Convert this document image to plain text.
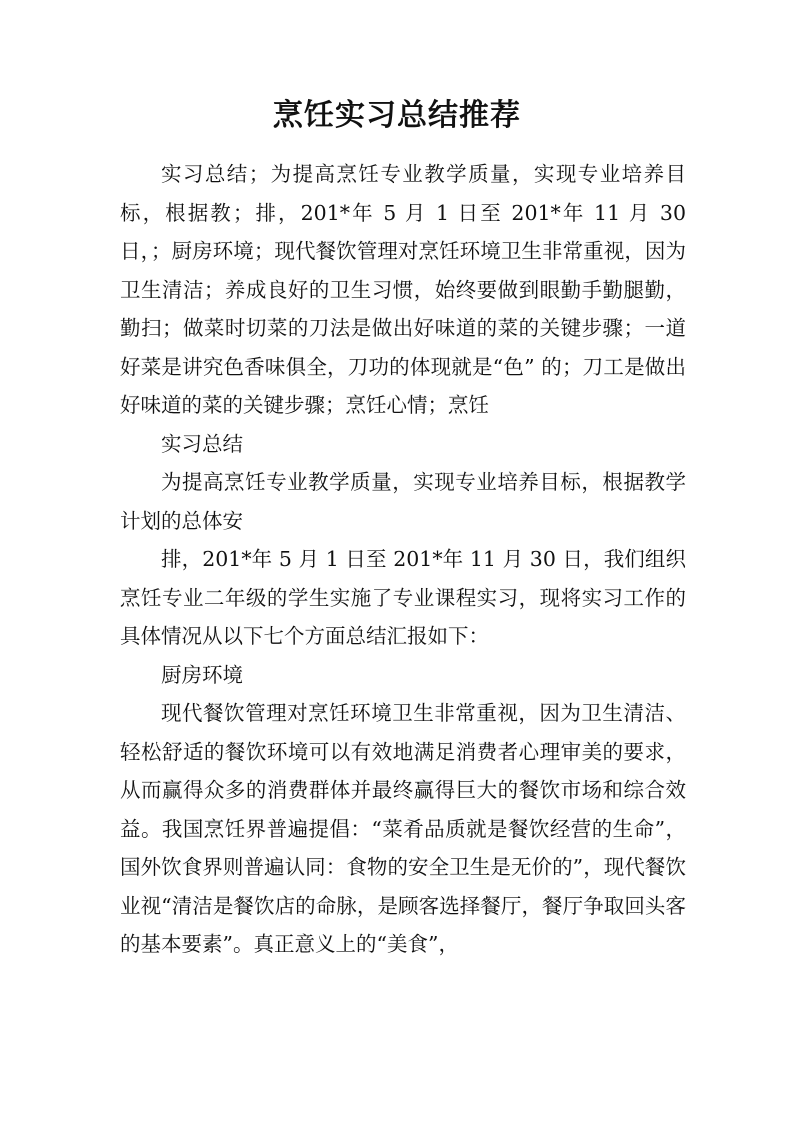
烹饪实习总结推荐

实习总结；为提高烹饪专业教学质量，实现专业培养目标，根据教；排，201*年 5 月 1 日至 201*年 11 月 30 日，；厨房环境；现代餐饮管理对烹饪环境卫生非常重视，因为卫生清洁；养成良好的卫生习惯，始终要做到眼勤手勤腿勤，勤扫；做菜时切菜的刀法是做出好味道的菜的关键步骤；一道好菜是讲究色香味俱全，刀功的体现就是“色” 的；刀工是做出好味道的菜的关键步骤；烹饪心情；烹饪

实习总结

为提高烹饪专业教学质量，实现专业培养目标，根据教学计划的总体安

排，201*年 5 月 1 日至 201*年 11 月 30 日，我们组织烹饪专业二年级的学生实施了专业课程实习，现将实习工作的具体情况从以下七个方面总结汇报如下：

厨房环境

现代餐饮管理对烹饪环境卫生非常重视，因为卫生清洁、轻松舒适的餐饮环境可以有效地满足消费者心理审美的要求，从而赢得众多的消费群体并最终赢得巨大的餐饮市场和综合效益。我国烹饪界普遍提倡：“菜肴品质就是餐饮经营的生命”，国外饮食界则普遍认同：食物的安全卫生是无价的”，现代餐饮业视“清洁是餐饮店的命脉，是顾客选择餐厅，餐厅争取回头客的基本要素”。真正意义上的“美食”，
